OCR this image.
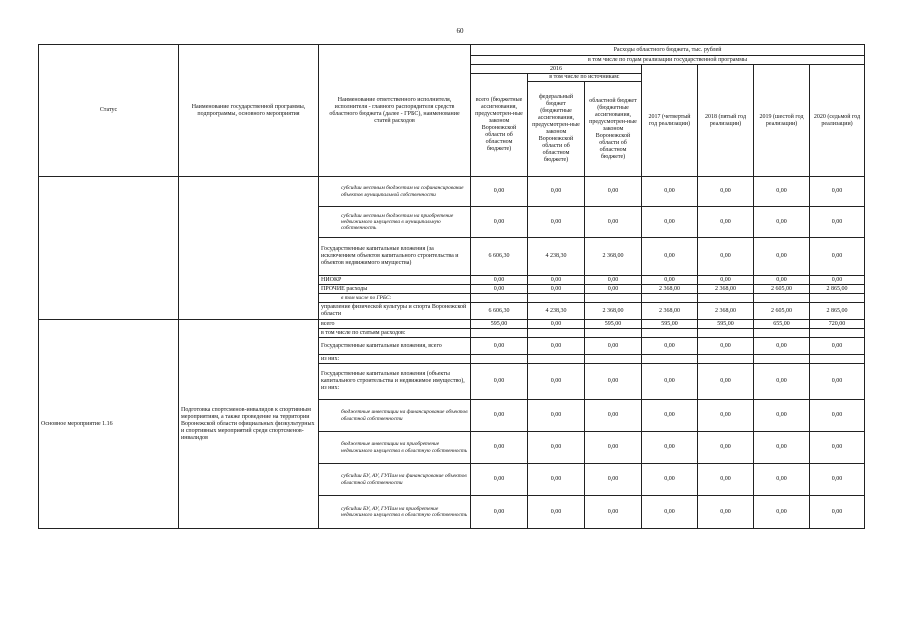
60
Статус	Наименование государственной программы, подпрограммы, основного мероприятия	Наименование ответственного исполнителя, исполнителя - главного распорядителя средств областного бюджета (далее - ГРБС), наименование статей расходов	Расходы областного бюджета, тыс. рублей						
			в том числе по годам реализации государственной программы						
			2016			2017 (четвертый год реализации)	2018 (пятый год реализации)	2019 (шестой год реализации)	2020 (седьмой год реализации)
			всего (бюджетные ассигнования, предусмотрен-ные законом Воронежской области об областном бюджете)	в том числе по источникам:					
				федеральный бюджет (бюджетные ассигнования, предусмотрен-ные законом Воронежской области об областном бюджете)	областной бюджет (бюджетные ассигнования, предусмотрен-ные законом Воронежской области об областном бюджете)				
		субсидии местным бюджетам на софинансирование объектов муниципальной собственности	0,00	0,00	0,00	0,00	0,00	0,00	0,00
		субсидии местным бюджетам на приобретение недвижимого имущества в муниципальную собственность	0,00	0,00	0,00	0,00	0,00	0,00	0,00
		Государственные капитальные вложения (за исключением объектов капитального строительства и объектов недвижимого имущества)	6 606,30	4 238,30	2 368,00	0,00	0,00	0,00	0,00
		НИОКР	0,00	0,00	0,00	0,00	0,00	0,00	0,00
		ПРОЧИЕ расходы	0,00	0,00	0,00	2 368,00	2 368,00	2 605,00	2 865,00
		в том числе по ГРБС:							
		управление физической культуры и спорта Воронежской области	6 606,30	4 238,30	2 368,00	2 368,00	2 368,00	2 605,00	2 865,00
Основное мероприятие 1.16	Подготовка спортсменов-инвалидов к спортивным мероприятиям, а также проведение на территории Воронежской области официальных физкультурных и спортивных мероприятий среди спортсменов-инвалидов	всего	595,00	0,00	595,00	595,00	595,00	655,00	720,00
		в том числе по статьям расходов:							
		Государственные капитальные вложения, всего	0,00	0,00	0,00	0,00	0,00	0,00	0,00
		из них:							
		Государственные капитальные вложения (объекты капитального строительства и недвижимое имущество), из них:	0,00	0,00	0,00	0,00	0,00	0,00	0,00
		бюджетные инвестиции на финансирование объектов областной собственности	0,00	0,00	0,00	0,00	0,00	0,00	0,00
		бюджетные инвестиции на приобретение недвижимого имущества в областную собственность	0,00	0,00	0,00	0,00	0,00	0,00	0,00
		субсидии БУ, АУ, ГУПам на финансирование объектов областной собственности	0,00	0,00	0,00	0,00	0,00	0,00	0,00
		субсидии БУ, АУ, ГУПам на приобретение недвижимого имущества в областную собственность	0,00	0,00	0,00	0,00	0,00	0,00	0,00
